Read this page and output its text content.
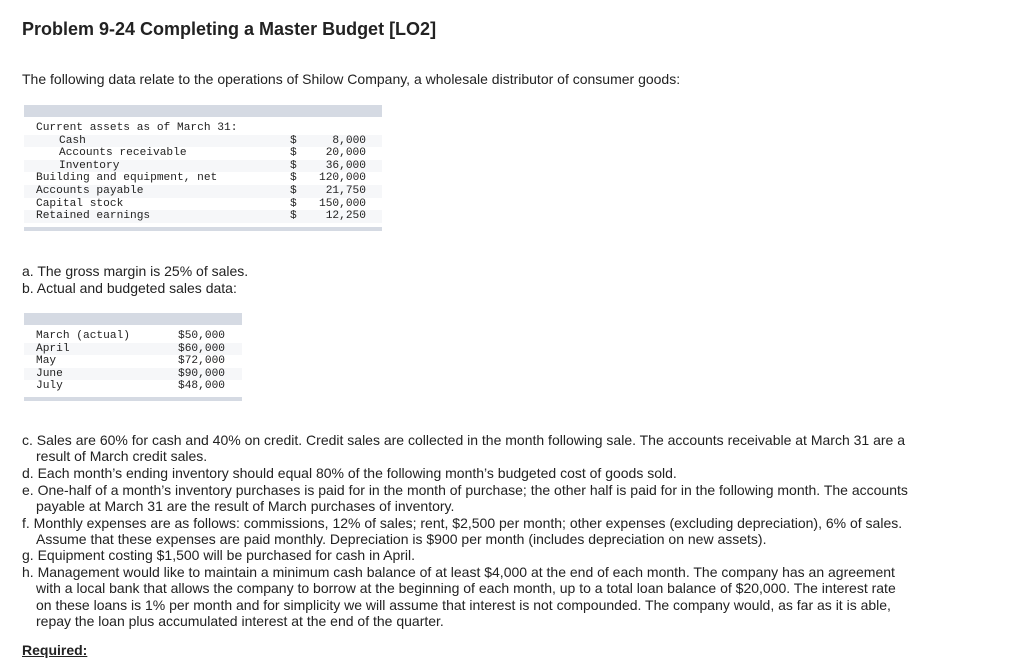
Problem 9-24 Completing a Master Budget [LO2]
The following data relate to the operations of Shilow Company, a wholesale distributor of consumer goods:
Current assets as of March 31:
Cash	$	8,000
Accounts receivable	$	20,000
Inventory	$	36,000
Building and equipment, net	$ 120,000
Accounts payable	$	21,750
Capital stock	$ 150,000
Retained earnings	$	12,250
a. The gross margin is 25% of sales.
b. Actual and budgeted sales data:
March (actual)	$50,000
April	$60,000
May	$72,000
June	$90,000
July	$48,000
c. Sales are 60% for cash and 40% on credit. Credit sales are collected in the month following sale. The accounts receivable at March 31 are a result of March credit sales.
d. Each month’s ending inventory should equal 80% of the following month’s budgeted cost of goods sold.
e. One-half of a month’s inventory purchases is paid for in the month of purchase; the other half is paid for in the following month. The accounts payable at March 31 are the result of March purchases of inventory.
f. Monthly expenses are as follows: commissions, 12% of sales; rent, $2,500 per month; other expenses (excluding depreciation), 6% of sales. Assume that these expenses are paid monthly. Depreciation is $900 per month (includes depreciation on new assets).
g. Equipment costing $1,500 will be purchased for cash in April.
h. Management would like to maintain a minimum cash balance of at least $4,000 at the end of each month. The company has an agreement with a local bank that allows the company to borrow at the beginning of each month, up to a total loan balance of $20,000. The interest rate on these loans is 1% per month and for simplicity we will assume that interest is not compounded. The company would, as far as it is able, repay the loan plus accumulated interest at the end of the quarter.
Required:
